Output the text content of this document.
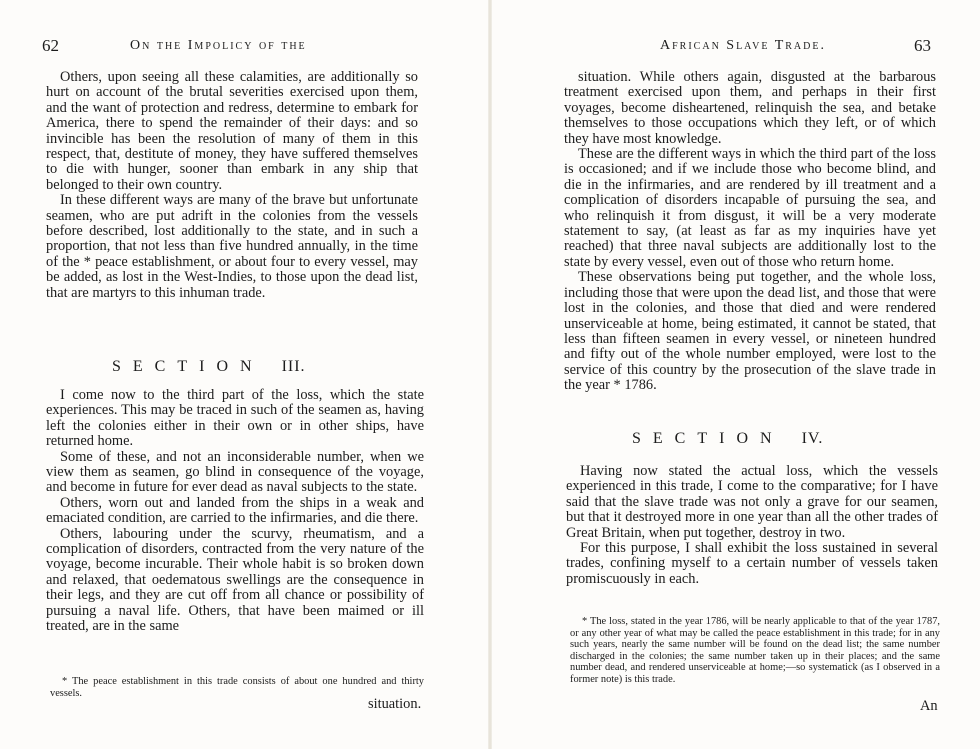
62	On the Impolicy of the

Others, upon seeing all these calamities, are additionally so hurt on account of the brutal severities exercised upon them, and the want of protection and redress, determine to embark for America, there to spend the remainder of their days: and so invincible has been the resolution of many of them in this respect, that, destitute of money, they have suffered themselves to die with hunger, sooner than embark in any ship that belonged to their own country.

In these different ways are many of the brave but unfortunate seamen, who are put adrift in the colonies from the vessels before described, lost additionally to the state, and in such a proportion, that not less than five hundred annually, in the time of the * peace establishment, or about four to every vessel, may be added, as lost in the West-Indies, to those upon the dead list, that are martyrs to this inhuman trade.

SECTION III.

I come now to the third part of the loss, which the state experiences. This may be traced in such of the seamen as, having left the colonies either in their own or in other ships, have returned home.

Some of these, and not an inconsiderable number, when we view them as seamen, go blind in consequence of the voyage, and become in future for ever dead as naval subjects to the state.

Others, worn out and landed from the ships in a weak and emaciated condition, are carried to the infirmaries, and die there.

Others, labouring under the scurvy, rheumatism, and a complication of disorders, contracted from the very nature of the voyage, become incurable. Their whole habit is so broken down and relaxed, that oedematous swellings are the consequence in their legs, and they are cut off from all chance or possibility of pursuing a naval life. Others, that have been maimed or ill treated, are in the same

* The peace establishment in this trade consists of about one hundred and thirty vessels.

situation.
African Slave Trade.	63

situation. While others again, disgusted at the barbarous treatment exercised upon them, and perhaps in their first voyages, become disheartened, relinquish the sea, and betake themselves to those occupations which they left, or of which they have most knowledge.

These are the different ways in which the third part of the loss is occasioned; and if we include those who become blind, and die in the infirmaries, and are rendered by ill treatment and a complication of disorders incapable of pursuing the sea, and who relinquish it from disgust, it will be a very moderate statement to say, (at least as far as my inquiries have yet reached) that three naval subjects are additionally lost to the state by every vessel, even out of those who return home.

These observations being put together, and the whole loss, including those that were upon the dead list, and those that were lost in the colonies, and those that died and were rendered unserviceable at home, being estimated, it cannot be stated, that less than fifteen seamen in every vessel, or nineteen hundred and fifty out of the whole number employed, were lost to the service of this country by the prosecution of the slave trade in the year * 1786.

SECTION IV.

Having now stated the actual loss, which the vessels experienced in this trade, I come to the comparative; for I have said that the slave trade was not only a grave for our seamen, but that it destroyed more in one year than all the other trades of Great Britain, when put together, destroy in two.

For this purpose, I shall exhibit the loss sustained in several trades, confining myself to a certain number of vessels taken promiscuously in each.

* The loss, stated in the year 1786, will be nearly applicable to that of the year 1787, or any other year of what may be called the peace establishment in this trade; for in any such years, nearly the same number will be found on the dead list; the same number discharged in the colonies; the same number taken up in their places; and the same number dead, and rendered unserviceable at home;—so systematick (as I observed in a former note) is this trade.

An
